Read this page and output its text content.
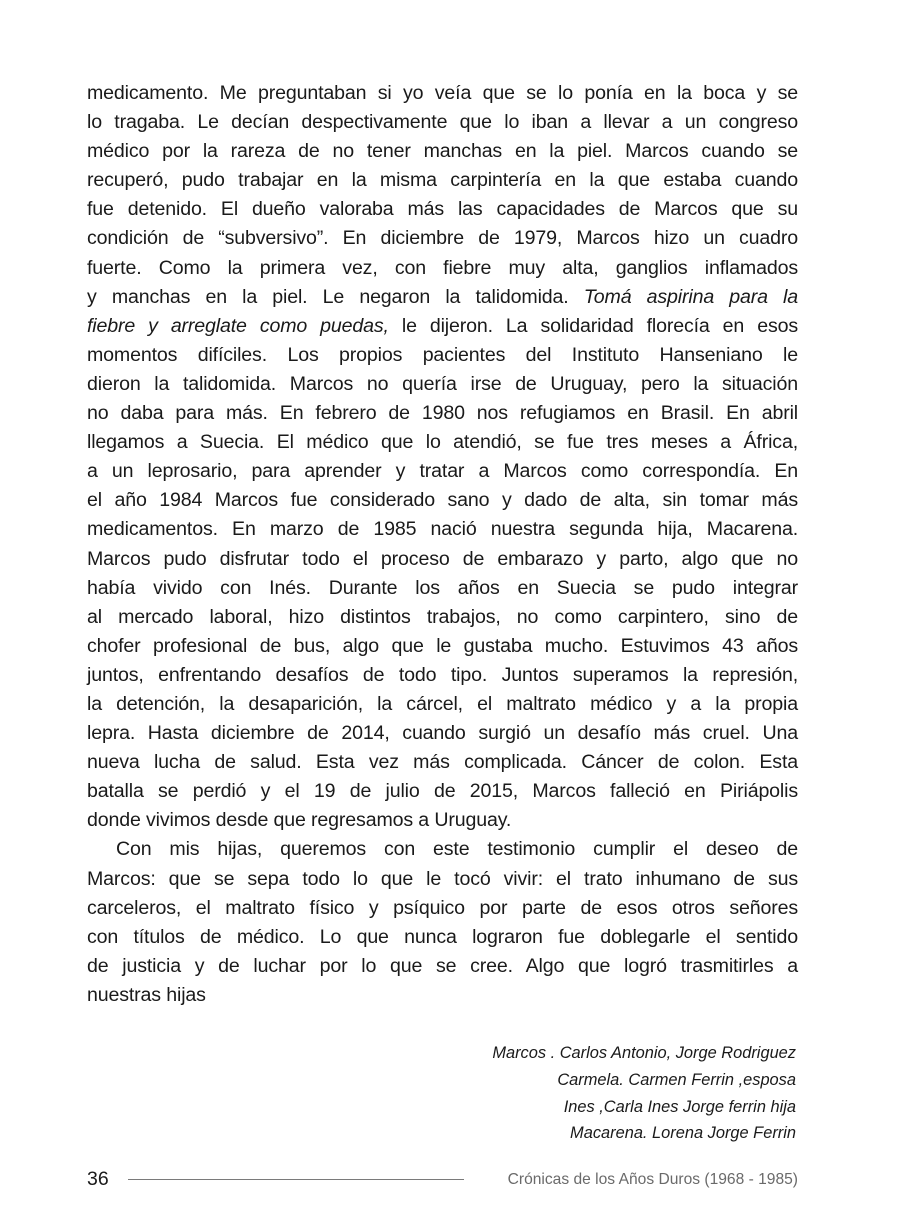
medicamento. Me preguntaban si yo veía que se lo ponía en la boca y se
lo tragaba. Le decían despectivamente que lo iban a llevar a un congreso
médico por la rareza de no tener manchas en la piel. Marcos cuando se
recuperó, pudo trabajar en la misma carpintería en la que estaba cuando
fue detenido. El dueño valoraba más las capacidades de Marcos que su
condición de “subversivo”. En diciembre de 1979, Marcos hizo un cuadro
fuerte. Como la primera vez, con fiebre muy alta, ganglios inflamados
y manchas en la piel. Le negaron la talidomida. Tomá aspirina para la
fiebre y arreglate como puedas, le dijeron. La solidaridad florecía en esos
momentos difíciles. Los propios pacientes del Instituto Hanseniano le
dieron la talidomida. Marcos no quería irse de Uruguay, pero la situación
no daba para más. En febrero de 1980 nos refugiamos en Brasil. En abril
llegamos a Suecia. El médico que lo atendió, se fue tres meses a África,
a un leprosario, para aprender y tratar a Marcos como correspondía. En
el año 1984 Marcos fue considerado sano y dado de alta, sin tomar más
medicamentos. En marzo de 1985 nació nuestra segunda hija, Macarena.
Marcos pudo disfrutar todo el proceso de embarazo y parto, algo que no
había vivido con Inés. Durante los años en Suecia se pudo integrar
al mercado laboral, hizo distintos trabajos, no como carpintero, sino de
chofer profesional de bus, algo que le gustaba mucho. Estuvimos 43 años
juntos, enfrentando desafíos de todo tipo. Juntos superamos la represión,
la detención, la desaparición, la cárcel, el maltrato médico y a la propia
lepra. Hasta diciembre de 2014, cuando surgió un desafío más cruel. Una
nueva lucha de salud. Esta vez más complicada. Cáncer de colon. Esta
batalla se perdió y el 19 de julio de 2015, Marcos falleció en Piriápolis
donde vivimos desde que regresamos a Uruguay.
Con mis hijas, queremos con este testimonio cumplir el deseo de
Marcos: que se sepa todo lo que le tocó vivir: el trato inhumano de sus
carceleros, el maltrato físico y psíquico por parte de esos otros señores
con títulos de médico. Lo que nunca lograron fue doblegarle el sentido
de justicia y de luchar por lo que se cree. Algo que logró trasmitirles a
nuestras hijas
Marcos . Carlos Antonio, Jorge Rodriguez
Carmela. Carmen Ferrin ,esposa
Ines ,Carla Ines Jorge ferrin hija
Macarena. Lorena Jorge Ferrin
36	Crónicas de los Años Duros (1968 - 1985)
